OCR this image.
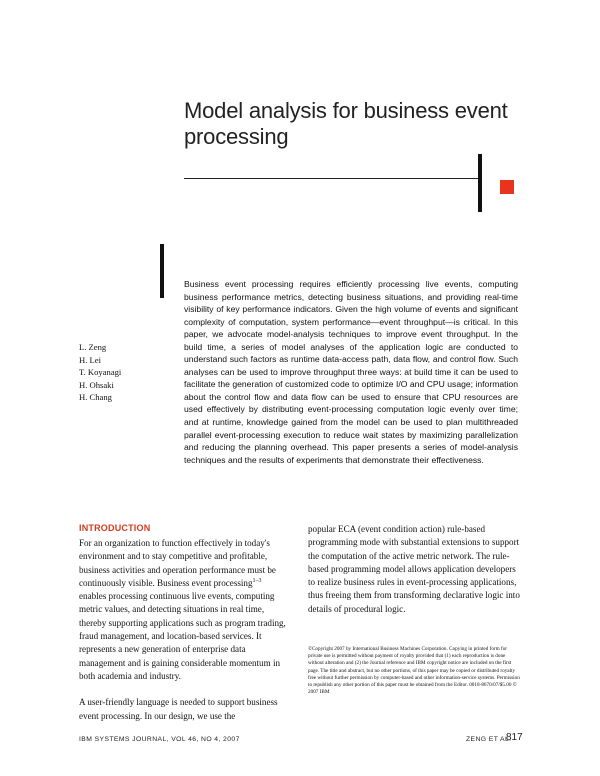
Model analysis for business event processing

Business event processing requires efficiently processing live events, computing business performance metrics, detecting business situations, and providing real-time visibility of key performance indicators. Given the high volume of events and significant complexity of computation, system performance—event throughput—is critical. In this paper, we advocate model-analysis techniques to improve event throughput. In the build time, a series of model analyses of the application logic are conducted to understand such factors as runtime data-access path, data flow, and control flow. Such analyses can be used to improve throughput three ways: at build time it can be used to facilitate the generation of customized code to optimize I/O and CPU usage; information about the control flow and data flow can be used to ensure that CPU resources are used effectively by distributing event-processing computation logic evenly over time; and at runtime, knowledge gained from the model can be used to plan multithreaded parallel event-processing execution to reduce wait states by maximizing parallelization and reducing the planning overhead. This paper presents a series of model-analysis techniques and the results of experiments that demonstrate their effectiveness.

L. Zeng
H. Lei
T. Koyanagi
H. Ohsaki
H. Chang
INTRODUCTION

For an organization to function effectively in today's environment and to stay competitive and profitable, business activities and operation performance must be continuously visible. Business event processing$^{1-3}$ enables processing continuous live events, computing metric values, and detecting situations in real time, thereby supporting applications such as program trading, fraud management, and location-based services. It represents a new generation of enterprise data management and is gaining considerable momentum in both academia and industry.

A user-friendly language is needed to support business event processing. In our design, we use the

popular ECA (event condition action) rule-based programming mode with substantial extensions to support the computation of the active metric network. The rule-based programming model allows application developers to realize business rules in event-processing applications, thus freeing them from transforming declarative logic into details of procedural logic.

©Copyright 2007 by International Business Machines Corporation. Copying in printed form for private use is permitted without payment of royalty provided that (1) each reproduction is done without alteration and (2) the Journal reference and IBM copyright notice are included on the first page. The title and abstract, but no other portions, of this paper may be copied or distributed royalty free without further permission by computer-based and other information-service systems. Permission to republish any other portion of this paper must be obtained from the Editor. 0018-8670/07/$5.00 © 2007 IBM

IBM SYSTEMS JOURNAL, VOL 46, NO 4, 2007	ZENG ET AL.
817
